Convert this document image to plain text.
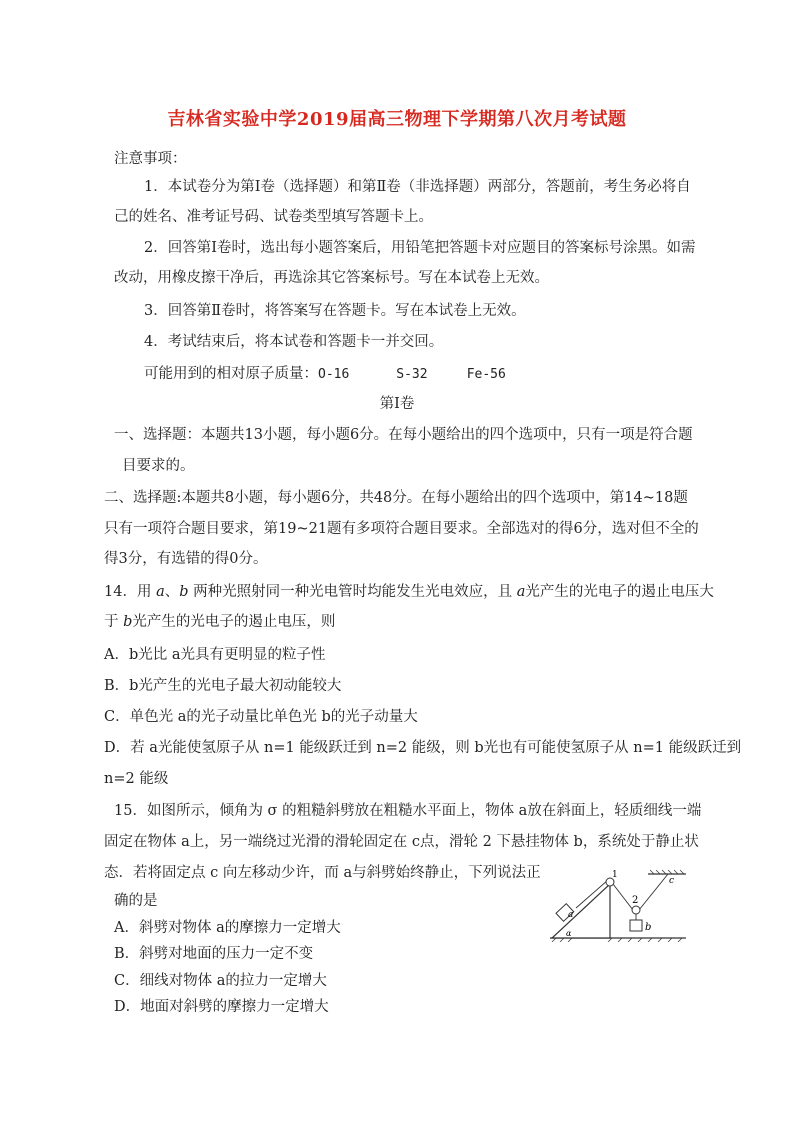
吉林省实验中学2019届高三物理下学期第八次月考试题
注意事项：
1．本试卷分为第Ⅰ卷（选择题）和第Ⅱ卷（非选择题）两部分，答题前，考生务必将自
己的姓名、准考证号码、试卷类型填写答题卡上。
2．回答第Ⅰ卷时，选出每小题答案后，用铅笔把答题卡对应题目的答案标号涂黑。如需
改动，用橡皮擦干净后，再选涂其它答案标号。写在本试卷上无效。
3．回答第Ⅱ卷时，将答案写在答题卡。写在本试卷上无效。
4．考试结束后，将本试卷和答题卡一并交回。
可能用到的相对原子质量：O-16      S-32     Fe-56
第Ⅰ卷
一、选择题：本题共13小题，每小题6分。在每小题给出的四个选项中，只有一项是符合题
目要求的。
二、选择题:本题共8小题，每小题6分，共48分。在每小题给出的四个选项中，第14~18题
只有一项符合题目要求，第19~21题有多项符合题目要求。全部选对的得6分，选对但不全的
得3分，有选错的得0分。
14．用 a、b 两种光照射同一种光电管时均能发生光电效应，且 a光产生的光电子的遏止电压大
于 b光产生的光电子的遏止电压，则
A．b光比 a光具有更明显的粒子性
B．b光产生的光电子最大初动能较大
C．单色光 a的光子动量比单色光 b的光子动量大
D．若 a光能使氢原子从 n=1 能级跃迁到 n=2 能级，则 b光也有可能使氢原子从 n=1 能级跃迁到
n=2 能级
15．如图所示，倾角为 σ 的粗糙斜劈放在粗糙水平面上，物体 a放在斜面上，轻质细线一端
固定在物体 a上，另一端绕过光滑的滑轮固定在 c点，滑轮 2 下悬挂物体 b，系统处于静止状
态．若将固定点 c 向左移动少许，而 a与斜劈始终静止，下列说法正
确的是
A．斜劈对物体 a的摩擦力一定增大
B．斜劈对地面的压力一定不变
C．细线对物体 a的拉力一定增大
D．地面对斜劈的摩擦力一定增大
a
b
c
1
2
α
